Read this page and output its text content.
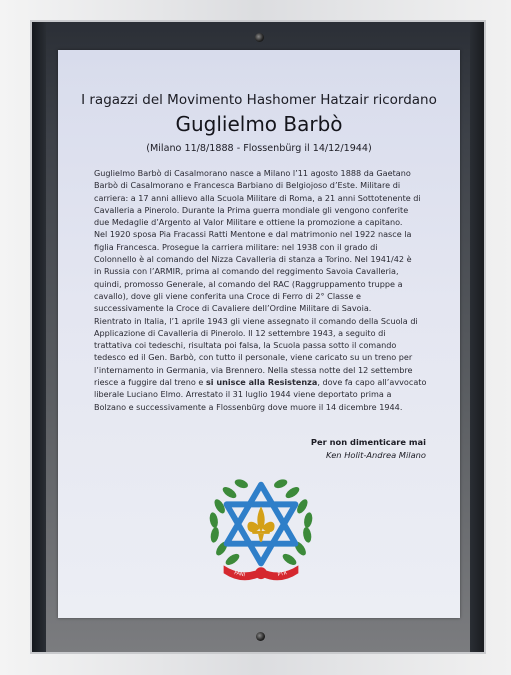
I ragazzi del Movimento Hashomer Hatzair ricordano
Guglielmo Barbò
(Milano 11/8/1888 - Flossenbürg il 14/12/1944)
Guglielmo Barbò di Casalmorano nasce a Milano l’11 agosto 1888 da Gaetano
Barbò di Casalmorano e Francesca Barbiano di Belgiojoso d’Este. Militare di
carriera: a 17 anni allievo alla Scuola Militare di Roma, a 21 anni Sottotenente di
Cavalleria a Pinerolo. Durante la Prima guerra mondiale gli vengono conferite
due Medaglie d’Argento al Valor Militare e ottiene la promozione a capitano.
Nel 1920 sposa Pia Fracassi Ratti Mentone e dal matrimonio nel 1922 nasce la
figlia Francesca. Prosegue la carriera militare: nel 1938 con il grado di
Colonnello è al comando del Nizza Cavalleria di stanza a Torino. Nel 1941/42 è
in Russia con l’ARMIR, prima al comando del reggimento Savoia Cavalleria,
quindi, promosso Generale, al comando del RAC (Raggruppamento truppe a
cavallo), dove gli viene conferita una Croce di Ferro di 2° Classe e
successivamente la Croce di Cavaliere dell’Ordine Militare di Savoia.
Rientrato in Italia, l’1 aprile 1943 gli viene assegnato il comando della Scuola di
Applicazione di Cavalleria di Pinerolo. Il 12 settembre 1943, a seguito di
trattativa coi tedeschi, risultata poi falsa, la Scuola passa sotto il comando
tedesco ed il Gen. Barbò, con tutto il personale, viene caricato su un treno per
l’internamento in Germania, via Brennero. Nella stessa notte del 12 settembre
riesce a fuggire dal treno e si unisce alla Resistenza, dove fa capo all’avvocato
liberale Luciano Elmo. Arrestato il 31 luglio 1944 viene deportato prima a
Bolzano e successivamente a Flossenbürg dove muore il 14 dicembre 1944.
Per non dimenticare mai
Ken Holit-Andrea Milano
FANI	PTR
